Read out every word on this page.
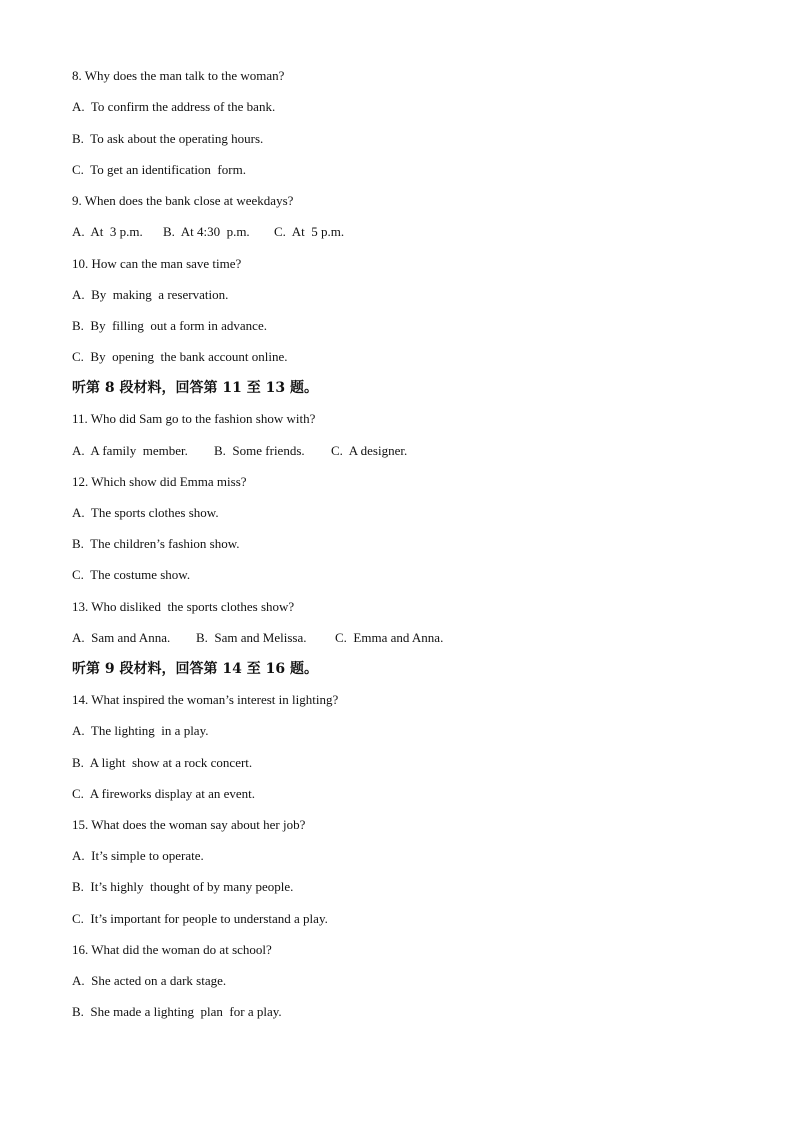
8. Why does the man talk to the woman?
A.  To confirm the address of the bank.
B.  To ask about the operating hours.
C.  To get an identification  form.
9. When does the bank close at weekdays?

A.  At  3 p.m.

B.  At 4:30  p.m.

C.  At  5 p.m.

10. How can the man save time?
A.  By  making  a reservation.
B.  By  filling  out a form in advance.
C.  By  opening  the bank account online.
听第 8 段材料，回答第 11 至 13 题。
11. Who did Sam go to the fashion show with?

A.  A family  member.

B.  Some friends.

C.  A designer.

12. Which show did Emma miss?
A.  The sports clothes show.
B.  The children’s fashion show.
C.  The costume show.
13. Who disliked  the sports clothes show?

A.  Sam and Anna.

B.  Sam and Melissa.

C.  Emma and Anna.

听第 9 段材料，回答第 14 至 16 题。
14. What inspired the woman’s interest in lighting?
A.  The lighting  in a play.
B.  A light  show at a rock concert.
C.  A fireworks display at an event.
15. What does the woman say about her job?
A.  It’s simple to operate.
B.  It’s highly  thought of by many people.
C.  It’s important for people to understand a play.
16. What did the woman do at school?
A.  She acted on a dark stage.
B.  She made a lighting  plan  for a play.
